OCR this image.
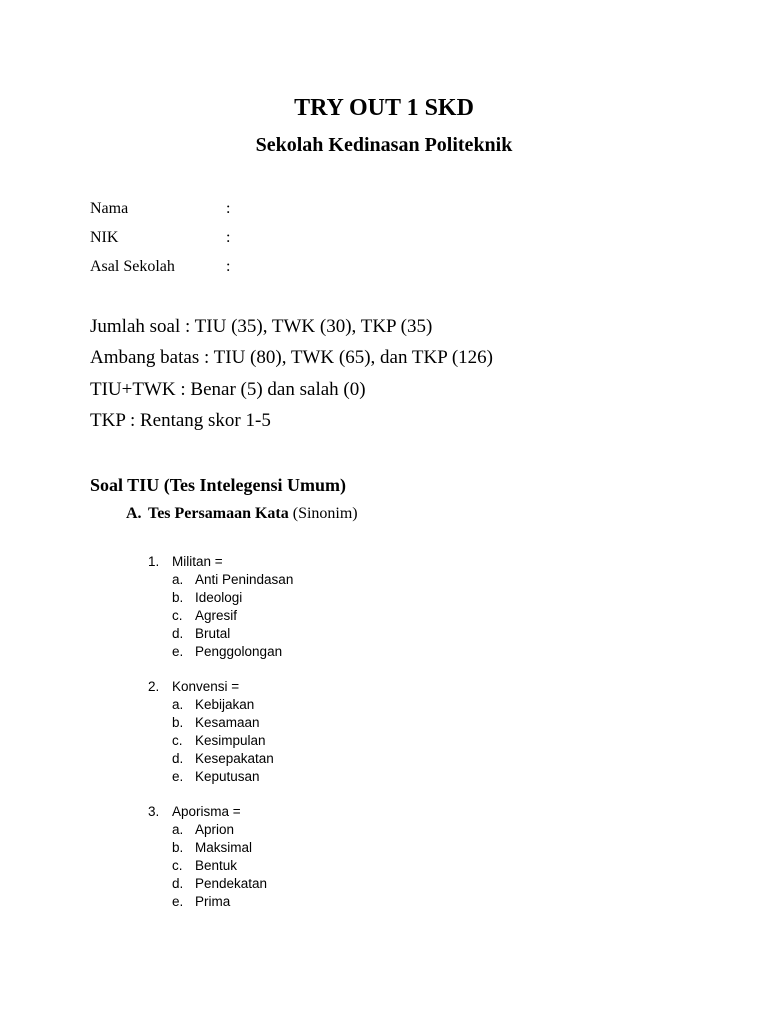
TRY OUT 1 SKD
Sekolah Kedinasan Politeknik
Nama	:
NIK	:
Asal Sekolah	:
Jumlah soal : TIU (35), TWK (30), TKP (35)
Ambang batas : TIU (80), TWK (65), dan TKP (126)
TIU+TWK : Benar (5) dan salah (0)
TKP : Rentang skor 1-5
Soal TIU (Tes Intelegensi Umum)
A. Tes Persamaan Kata (Sinonim)
1. Militan =
a. Anti Penindasan
b. Ideologi
c. Agresif
d. Brutal
e. Penggolongan
2. Konvensi =
a. Kebijakan
b. Kesamaan
c. Kesimpulan
d. Kesepakatan
e. Keputusan
3. Aporisma =
a. Aprion
b. Maksimal
c. Bentuk
d. Pendekatan
e. Prima
